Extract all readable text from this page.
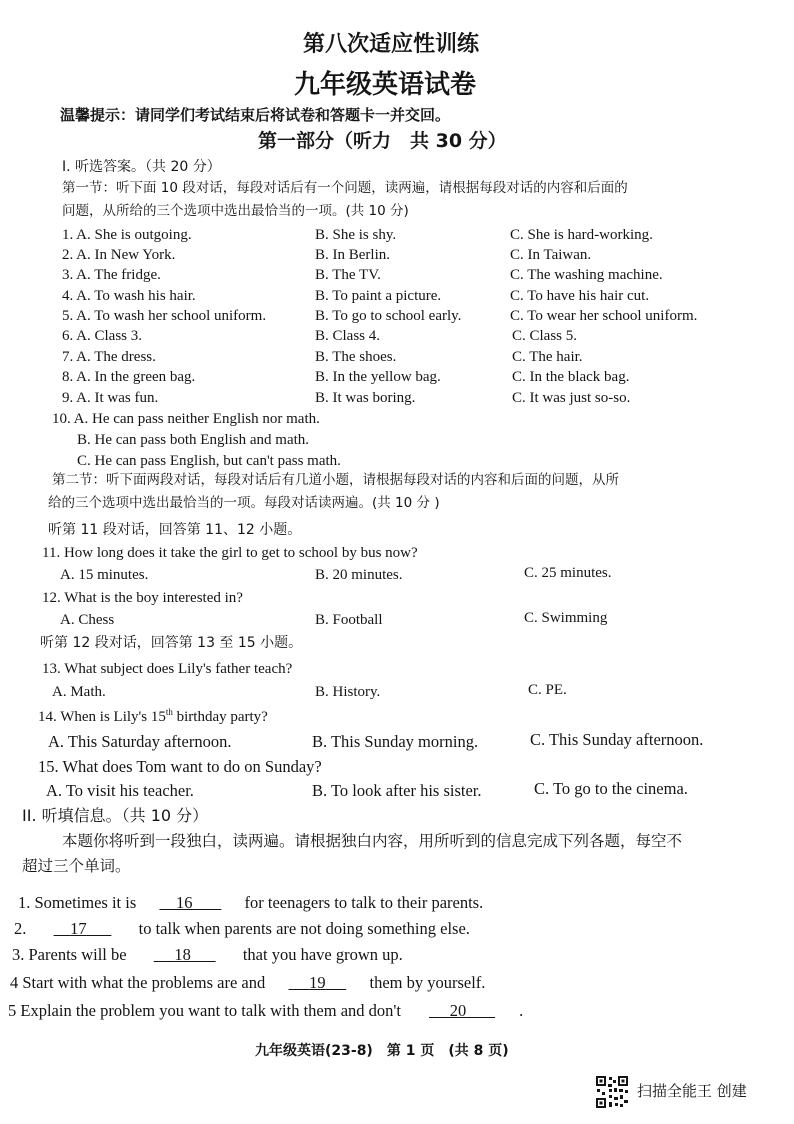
第八次适应性训练
九年级英语试卷
温馨提示：请同学们考试结束后将试卷和答题卡一并交回。
第一部分（听力　共 30 分）
I. 听选答案。（共 20 分）
第一节：听下面 10 段对话，每段对话后有一个问题，读两遍，请根据每段对话的内容和后面的
问题，从所给的三个选项中选出最恰当的一项。(共 10 分)
1. A. She is outgoing.	B. She is shy.	C. She is hard-working.
2. A. In New York.	B. In Berlin.	C. In Taiwan.
3. A. The fridge.	B. The TV.	C. The washing machine.
4. A. To wash his hair.	B. To paint a picture.	C. To have his hair cut.
5. A. To wash her school uniform.	B. To go to school early.	C. To wear her school uniform.
6. A. Class 3.	B. Class 4.	C. Class 5.
7. A. The dress.	B. The shoes.	C. The hair.
8. A. In the green bag.	B. In the yellow bag.	C. In the black bag.
9. A. It was fun.	B. It was boring.	C. It was just so-so.
10. A. He can pass neither English nor math.
B. He can pass both English and math.
C. He can pass English, but can't pass math.
第二节：听下面两段对话，每段对话后有几道小题，请根据每段对话的内容和后面的问题，从所
给的三个选项中选出最恰当的一项。每段对话读两遍。(共 10 分 )
听第 11 段对话，回答第 11、12 小题。
11. How long does it take the girl to get to school by bus now?
A. 15 minutes.	B. 20 minutes.	C. 25 minutes.
12. What is the boy interested in?
A. Chess	B. Football	C. Swimming
听第 12 段对话，回答第 13 至 15 小题。
13. What subject does Lily's father teach?
A. Math.	B. History.	C. PE.
14. When is Lily's 15th birthday party?
A. This Saturday afternoon.	B. This Sunday morning.	C. This Sunday afternoon.
15. What does Tom want to do on Sunday?
A. To visit his teacher.	B. To look after his sister.	C. To go to the cinema.
II. 听填信息。（共 10 分）
本题你将听到一段独白，读两遍。请根据独白内容，用所听到的信息完成下列各题，每空不
超过三个单词。
1. Sometimes it is     16	for teenagers to talk to their parents.
2.     17	to talk when parents are not doing something else.
3. Parents will be	18	that you have grown up.
4 Start with what the problems are and      19      them by yourself.
5 Explain the problem you want to talk with them and don't	20	.
九年级英语(23-8)　第 1 页　(共 8 页)
扫描全能王 创建
